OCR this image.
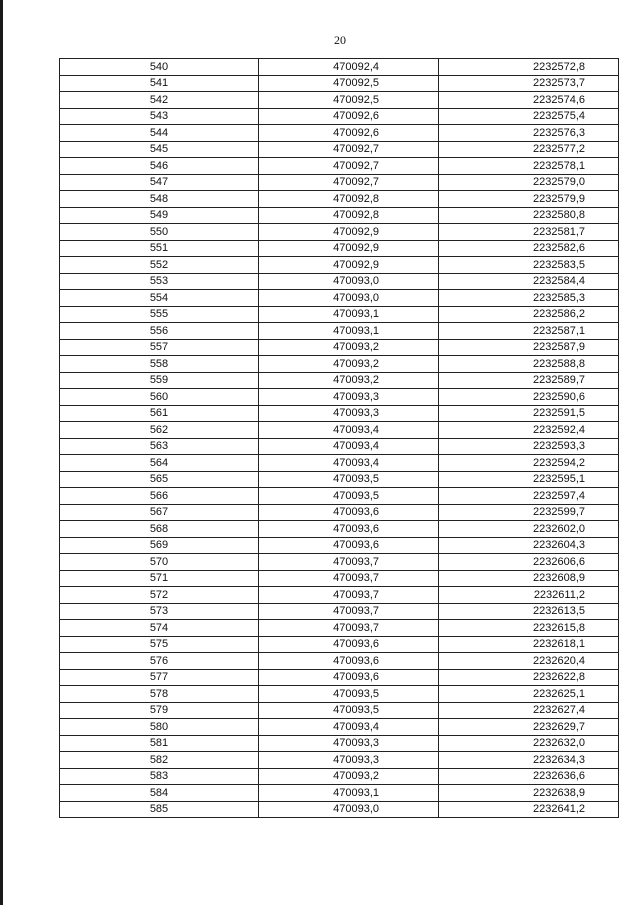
20
540	470092,4	2232572,8
541	470092,5	2232573,7
542	470092,5	2232574,6
543	470092,6	2232575,4
544	470092,6	2232576,3
545	470092,7	2232577,2
546	470092,7	2232578,1
547	470092,7	2232579,0
548	470092,8	2232579,9
549	470092,8	2232580,8
550	470092,9	2232581,7
551	470092,9	2232582,6
552	470092,9	2232583,5
553	470093,0	2232584,4
554	470093,0	2232585,3
555	470093,1	2232586,2
556	470093,1	2232587,1
557	470093,2	2232587,9
558	470093,2	2232588,8
559	470093,2	2232589,7
560	470093,3	2232590,6
561	470093,3	2232591,5
562	470093,4	2232592,4
563	470093,4	2232593,3
564	470093,4	2232594,2
565	470093,5	2232595,1
566	470093,5	2232597,4
567	470093,6	2232599,7
568	470093,6	2232602,0
569	470093,6	2232604,3
570	470093,7	2232606,6
571	470093,7	2232608,9
572	470093,7	2232611,2
573	470093,7	2232613,5
574	470093,7	2232615,8
575	470093,6	2232618,1
576	470093,6	2232620,4
577	470093,6	2232622,8
578	470093,5	2232625,1
579	470093,5	2232627,4
580	470093,4	2232629,7
581	470093,3	2232632,0
582	470093,3	2232634,3
583	470093,2	2232636,6
584	470093,1	2232638,9
585	470093,0	2232641,2
